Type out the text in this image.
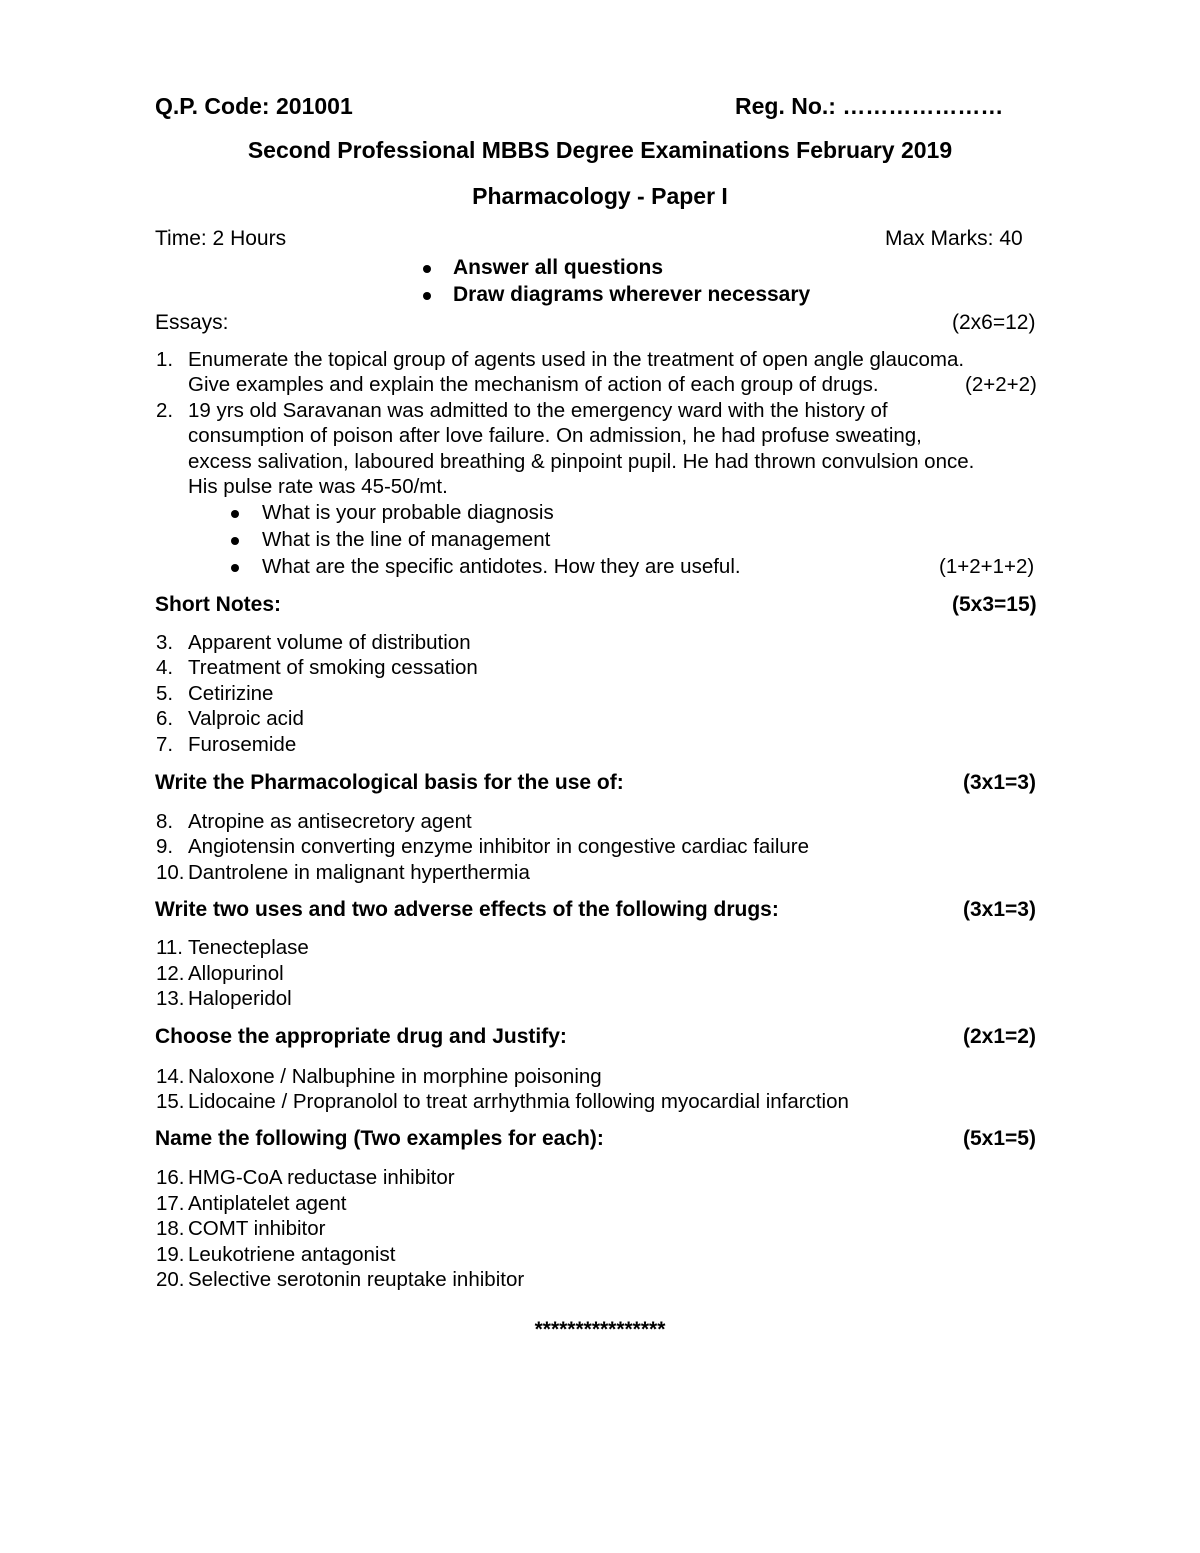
Q.P. Code: 201001	Reg. No.: …………………
Second Professional MBBS Degree Examinations February 2019
Pharmacology - Paper I
Time: 2 Hours	Max Marks: 40
Answer all questions
Draw diagrams wherever necessary
Essays:	(2x6=12)
1. Enumerate the topical group of agents used in the treatment of open angle glaucoma.
Give examples and explain the mechanism of action of each group of drugs.	(2+2+2)
2. 19 yrs old Saravanan was admitted to the emergency ward with the history of
consumption of poison after love failure. On admission, he had profuse sweating,
excess salivation, laboured breathing & pinpoint pupil. He had thrown convulsion once.
His pulse rate was 45-50/mt.
What is your probable diagnosis
What is the line of management
What are the specific antidotes. How they are useful.	(1+2+1+2)
Short Notes:	(5x3=15)
3. Apparent volume of distribution
4. Treatment of smoking cessation
5. Cetirizine
6. Valproic acid
7. Furosemide
Write the Pharmacological basis for the use of:	(3x1=3)
8. Atropine as antisecretory agent
9. Angiotensin converting enzyme inhibitor in congestive cardiac failure
10. Dantrolene in malignant hyperthermia
Write two uses and two adverse effects of the following drugs:	(3x1=3)
11. Tenecteplase
12. Allopurinol
13. Haloperidol
Choose the appropriate drug and Justify:	(2x1=2)
14. Naloxone / Nalbuphine in morphine poisoning
15. Lidocaine / Propranolol to treat arrhythmia following myocardial infarction
Name the following (Two examples for each):	(5x1=5)
16. HMG-CoA reductase inhibitor
17. Antiplatelet agent
18. COMT inhibitor
19. Leukotriene antagonist
20. Selective serotonin reuptake inhibitor
****************
